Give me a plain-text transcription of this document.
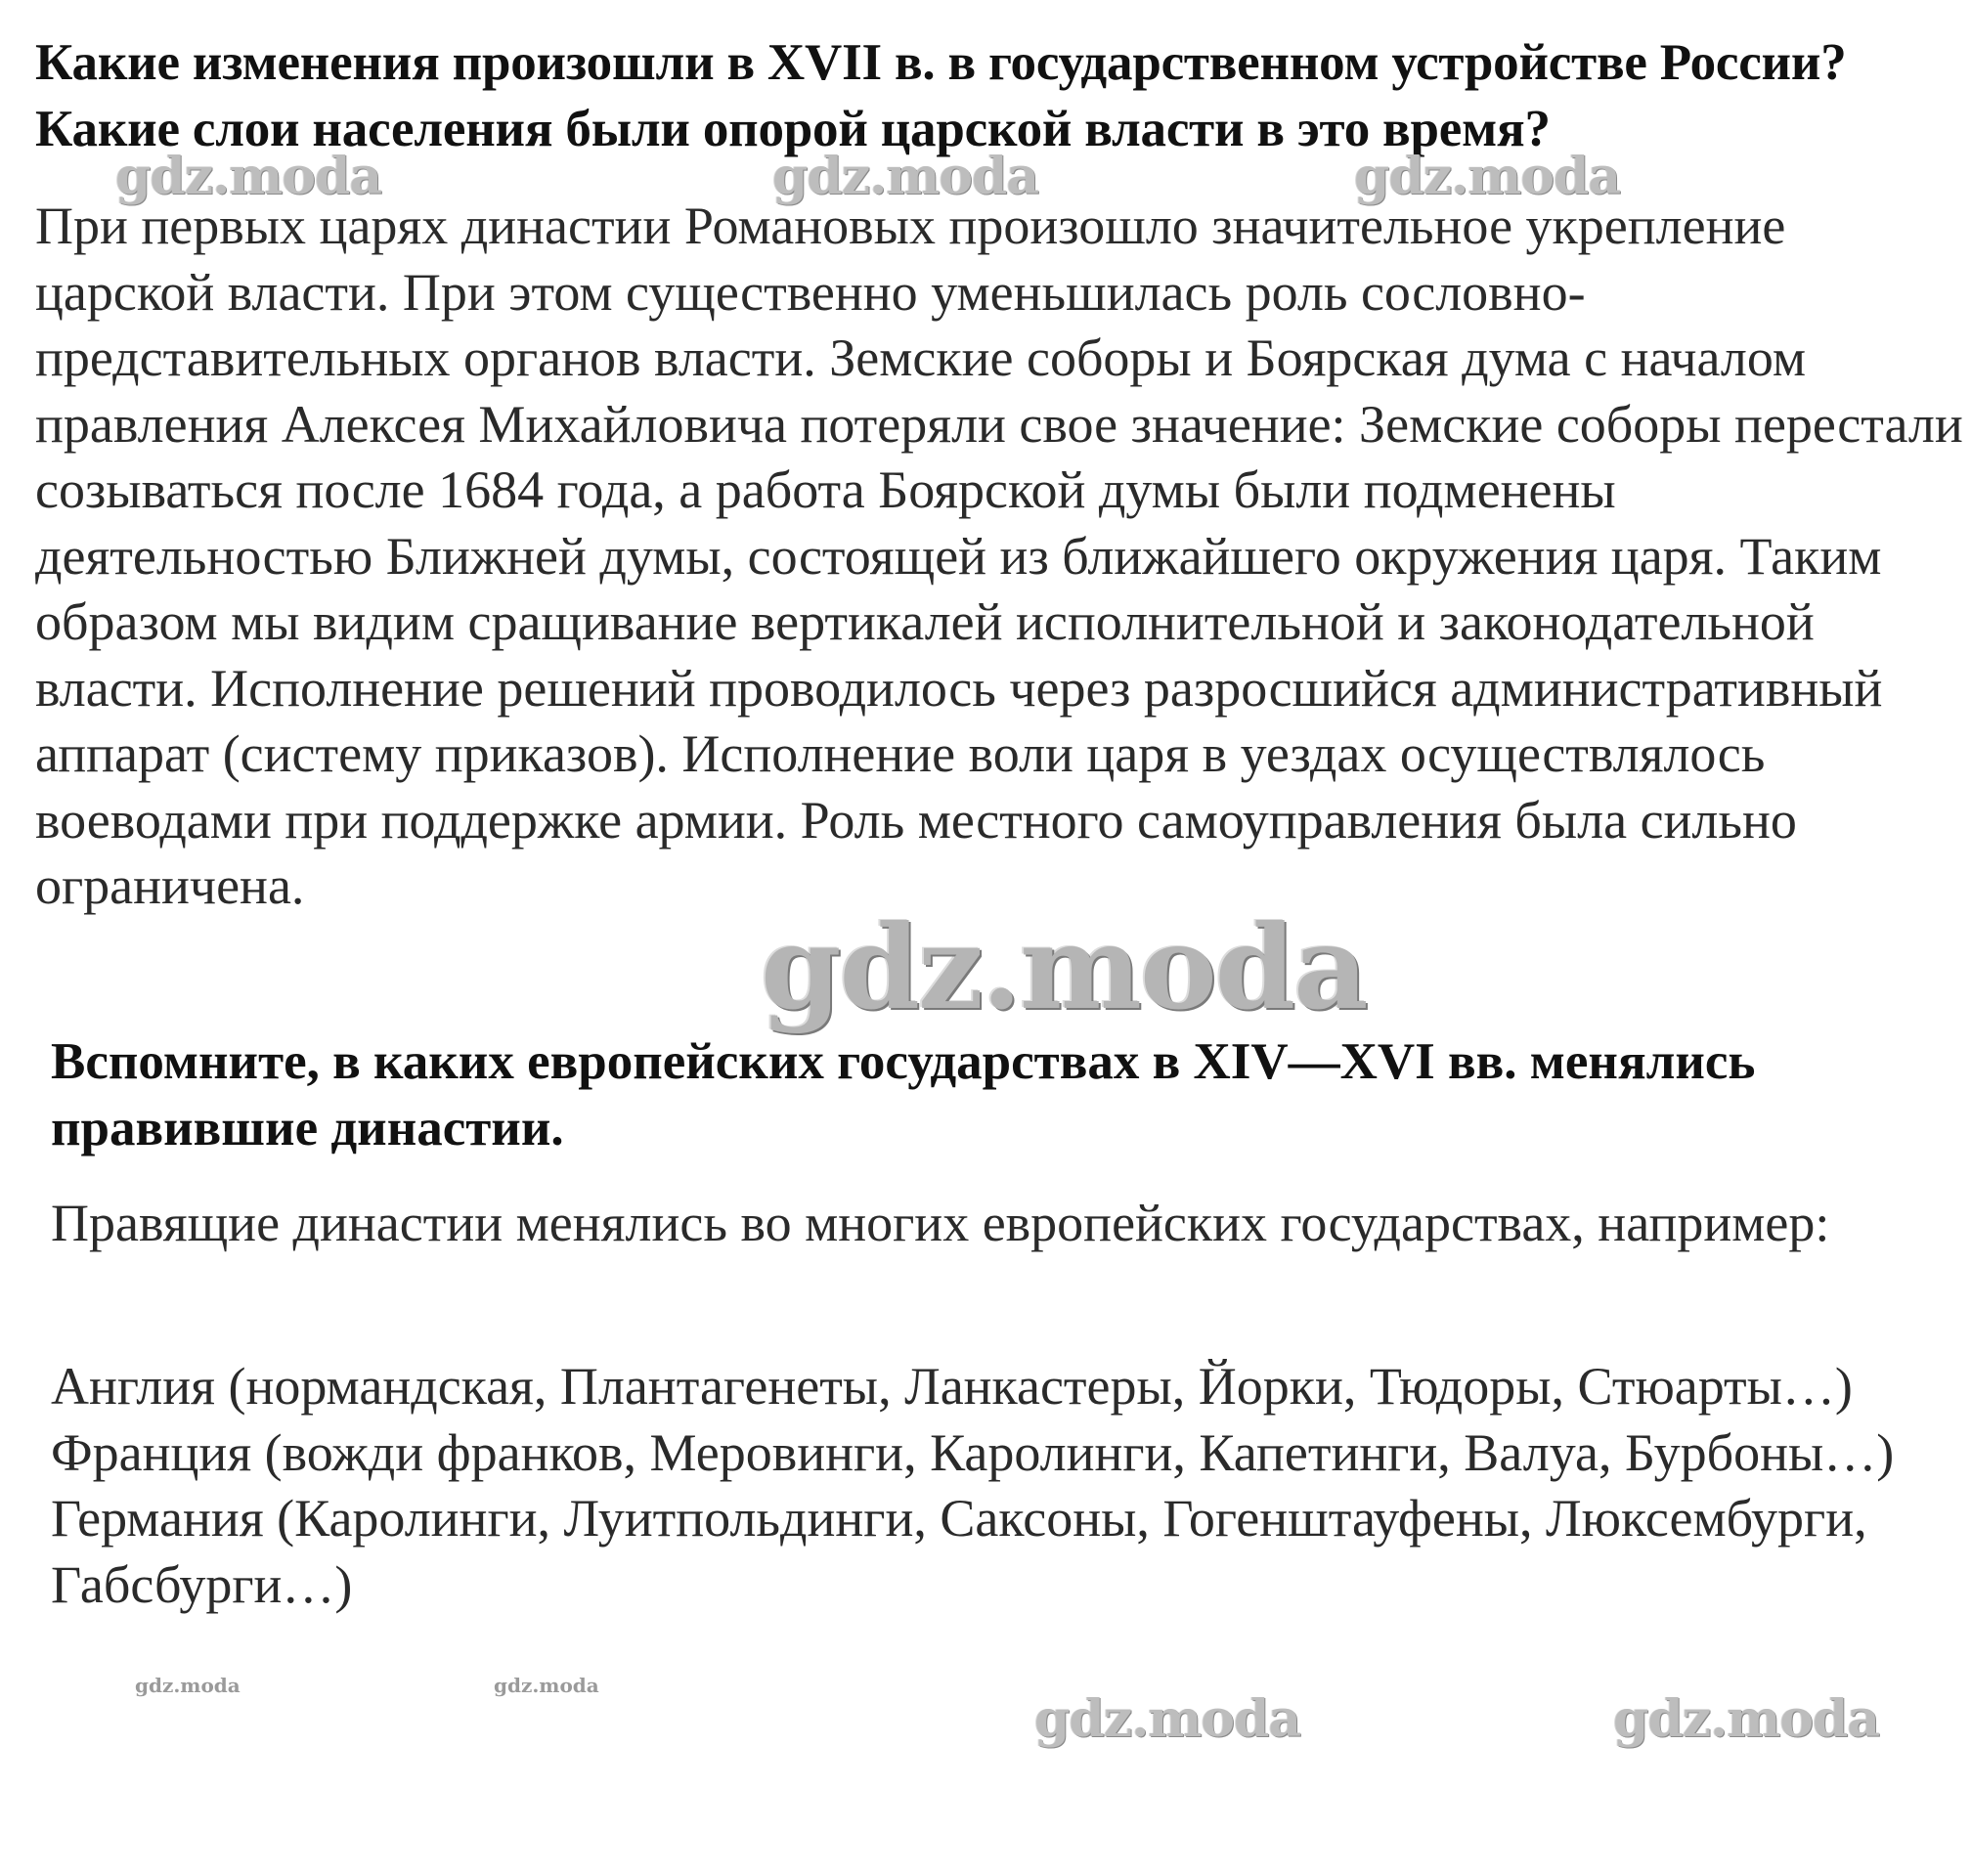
Какие изменения произошли в XVII в. в государственном устройстве России? Какие слои населения были опорой царской власти в это время?

При первых царях династии Романовых произошло значительное укрепление царской власти. При этом существенно уменьшилась роль сословно-представительных органов власти. Земские соборы и Боярская дума с началом правления Алексея Михайловича потеряли свое значение: Земские соборы перестали созываться после 1684 года, а работа Боярской думы были подменены деятельностью Ближней думы, состоящей из ближайшего окружения царя. Таким образом мы видим сращивание вертикалей исполнительной и законодательной власти. Исполнение решений проводилось через разросшийся административный аппарат (систему приказов). Исполнение воли царя в уездах осуществлялось воеводами при поддержке армии. Роль местного самоуправления была сильно ограничена.

Вспомните, в каких европейских государствах в XIV—XVI вв. менялись правившие династии.

Правящие династии менялись во многих европейских государствах, например:

Англия (нормандская, Плантагенеты, Ланкастеры, Йорки, Тюдоры, Стюарты…)
Франция (вожди франков, Меровинги, Каролинги, Капетинги, Валуа, Бурбоны…)
Германия (Каролинги, Луитпольдинги, Саксоны, Гогенштауфены, Люксембурги, Габсбурги…)
gdz.moda	gdz.moda	gdz.moda
gdz.moda
gdz.moda	gdz.moda
gdz.moda	gdz.moda
